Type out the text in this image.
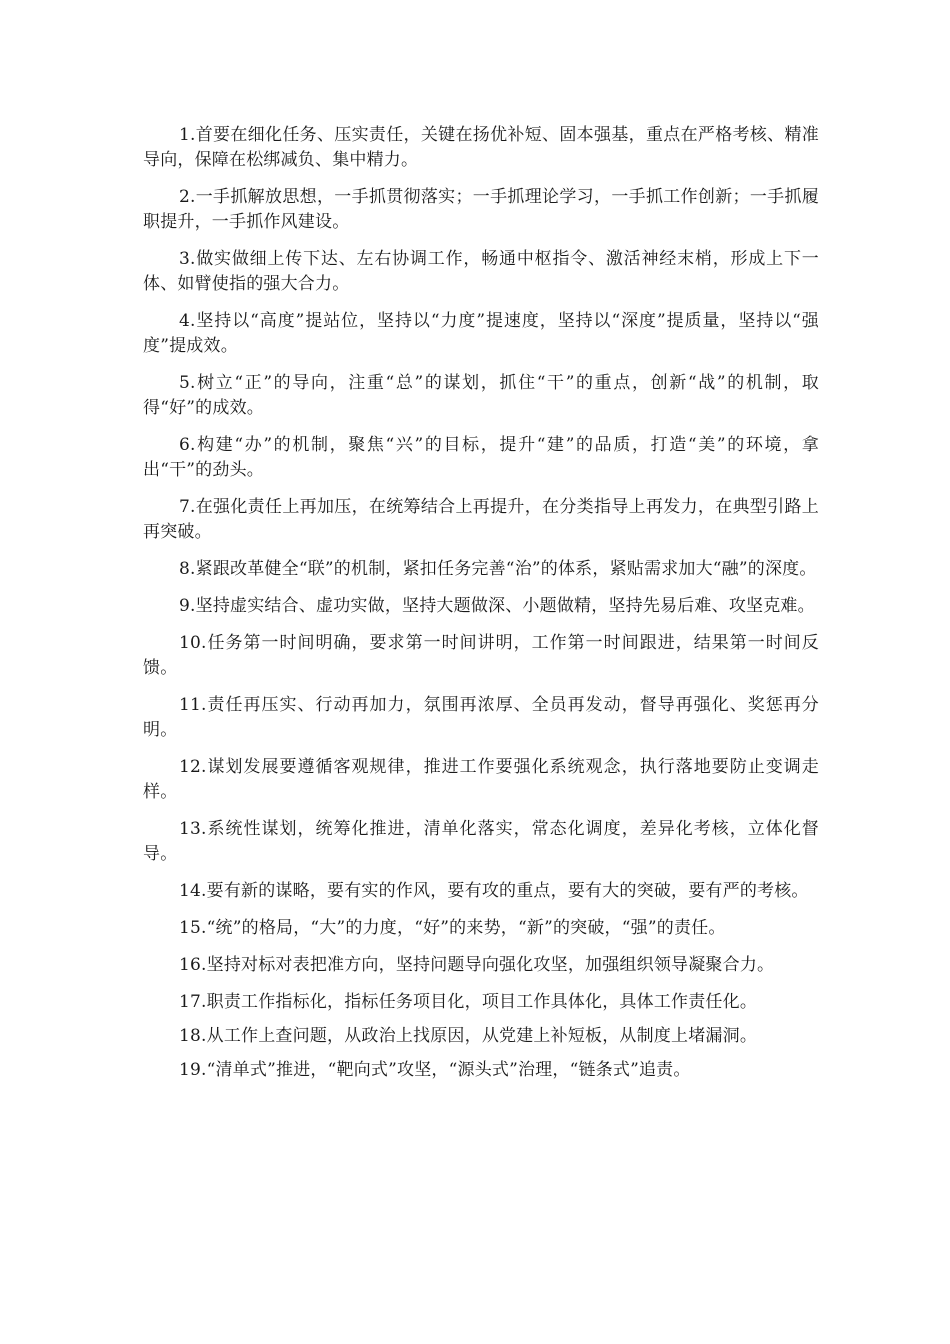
1.首要在细化任务、压实责任，关键在扬优补短、固本强基，重点在严格考核、精准导向，保障在松绑减负、集中精力。

2.一手抓解放思想，一手抓贯彻落实；一手抓理论学习，一手抓工作创新；一手抓履职提升，一手抓作风建设。

3.做实做细上传下达、左右协调工作，畅通中枢指令、激活神经末梢，形成上下一体、如臂使指的强大合力。

4.坚持以“高度”提站位，坚持以“力度”提速度，坚持以“深度”提质量，坚持以“强度”提成效。

5.树立“正”的导向，注重“总”的谋划，抓住“干”的重点，创新“战”的机制，取得“好”的成效。

6.构建“办”的机制，聚焦“兴”的目标，提升“建”的品质，打造“美”的环境，拿出“干”的劲头。

7.在强化责任上再加压，在统筹结合上再提升，在分类指导上再发力，在典型引路上再突破。

8.紧跟改革健全“联”的机制，紧扣任务完善“治”的体系，紧贴需求加大“融”的深度。

9.坚持虚实结合、虚功实做，坚持大题做深、小题做精，坚持先易后难、攻坚克难。

10.任务第一时间明确，要求第一时间讲明，工作第一时间跟进，结果第一时间反馈。

11.责任再压实、行动再加力，氛围再浓厚、全员再发动，督导再强化、奖惩再分明。

12.谋划发展要遵循客观规律，推进工作要强化系统观念，执行落地要防止变调走样。

13.系统性谋划，统筹化推进，清单化落实，常态化调度，差异化考核，立体化督导。

14.要有新的谋略，要有实的作风，要有攻的重点，要有大的突破，要有严的考核。

15.“统”的格局，“大”的力度，“好”的来势，“新”的突破，“强”的责任。

16.坚持对标对表把准方向，坚持问题导向强化攻坚，加强组织领导凝聚合力。

17.职责工作指标化，指标任务项目化，项目工作具体化，具体工作责任化。

18.从工作上查问题，从政治上找原因，从党建上补短板，从制度上堵漏洞。

19.“清单式”推进，“靶向式”攻坚，“源头式”治理，“链条式”追责。
